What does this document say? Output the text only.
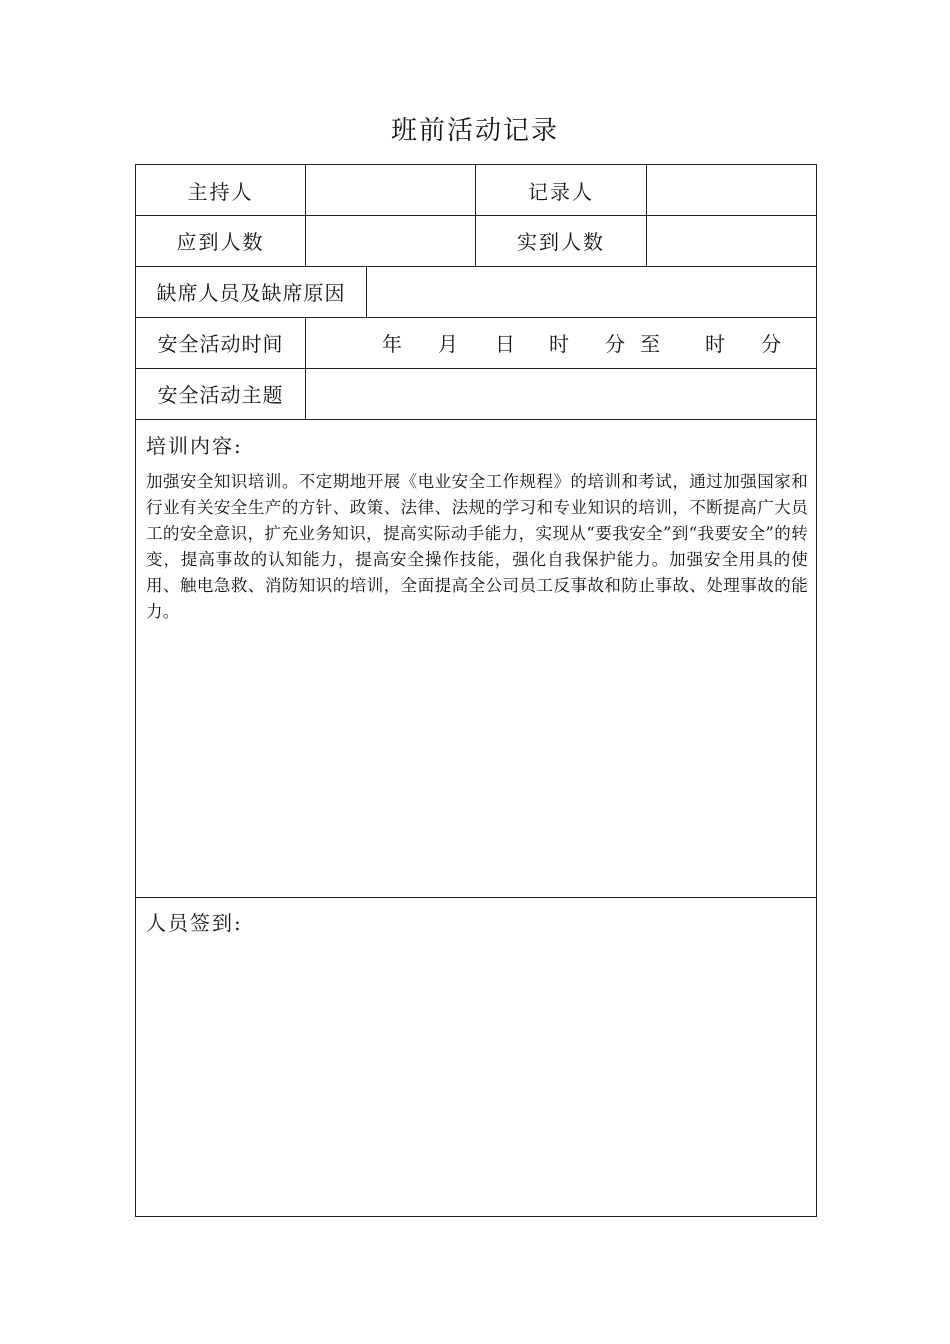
班前活动记录
主持人	记录人
应到人数	实到人数
缺席人员及缺席原因
安全活动时间	年 月 日 时 分 至 时 分
安全活动主题
培训内容:
加强安全知识培训。不定期地开展《电业安全工作规程》的培训和考试，通过加强国家和行业有关安全生产的方针、政策、法律、法规的学习和专业知识的培训，不断提高广大员工的安全意识，扩充业务知识，提高实际动手能力，实现从“要我安全”到“我要安全”的转变，提高事故的认知能力，提高安全操作技能，强化自我保护能力。加强安全用具的使用、触电急救、消防知识的培训，全面提高全公司员工反事故和防止事故、处理事故的能力。
人员签到:
